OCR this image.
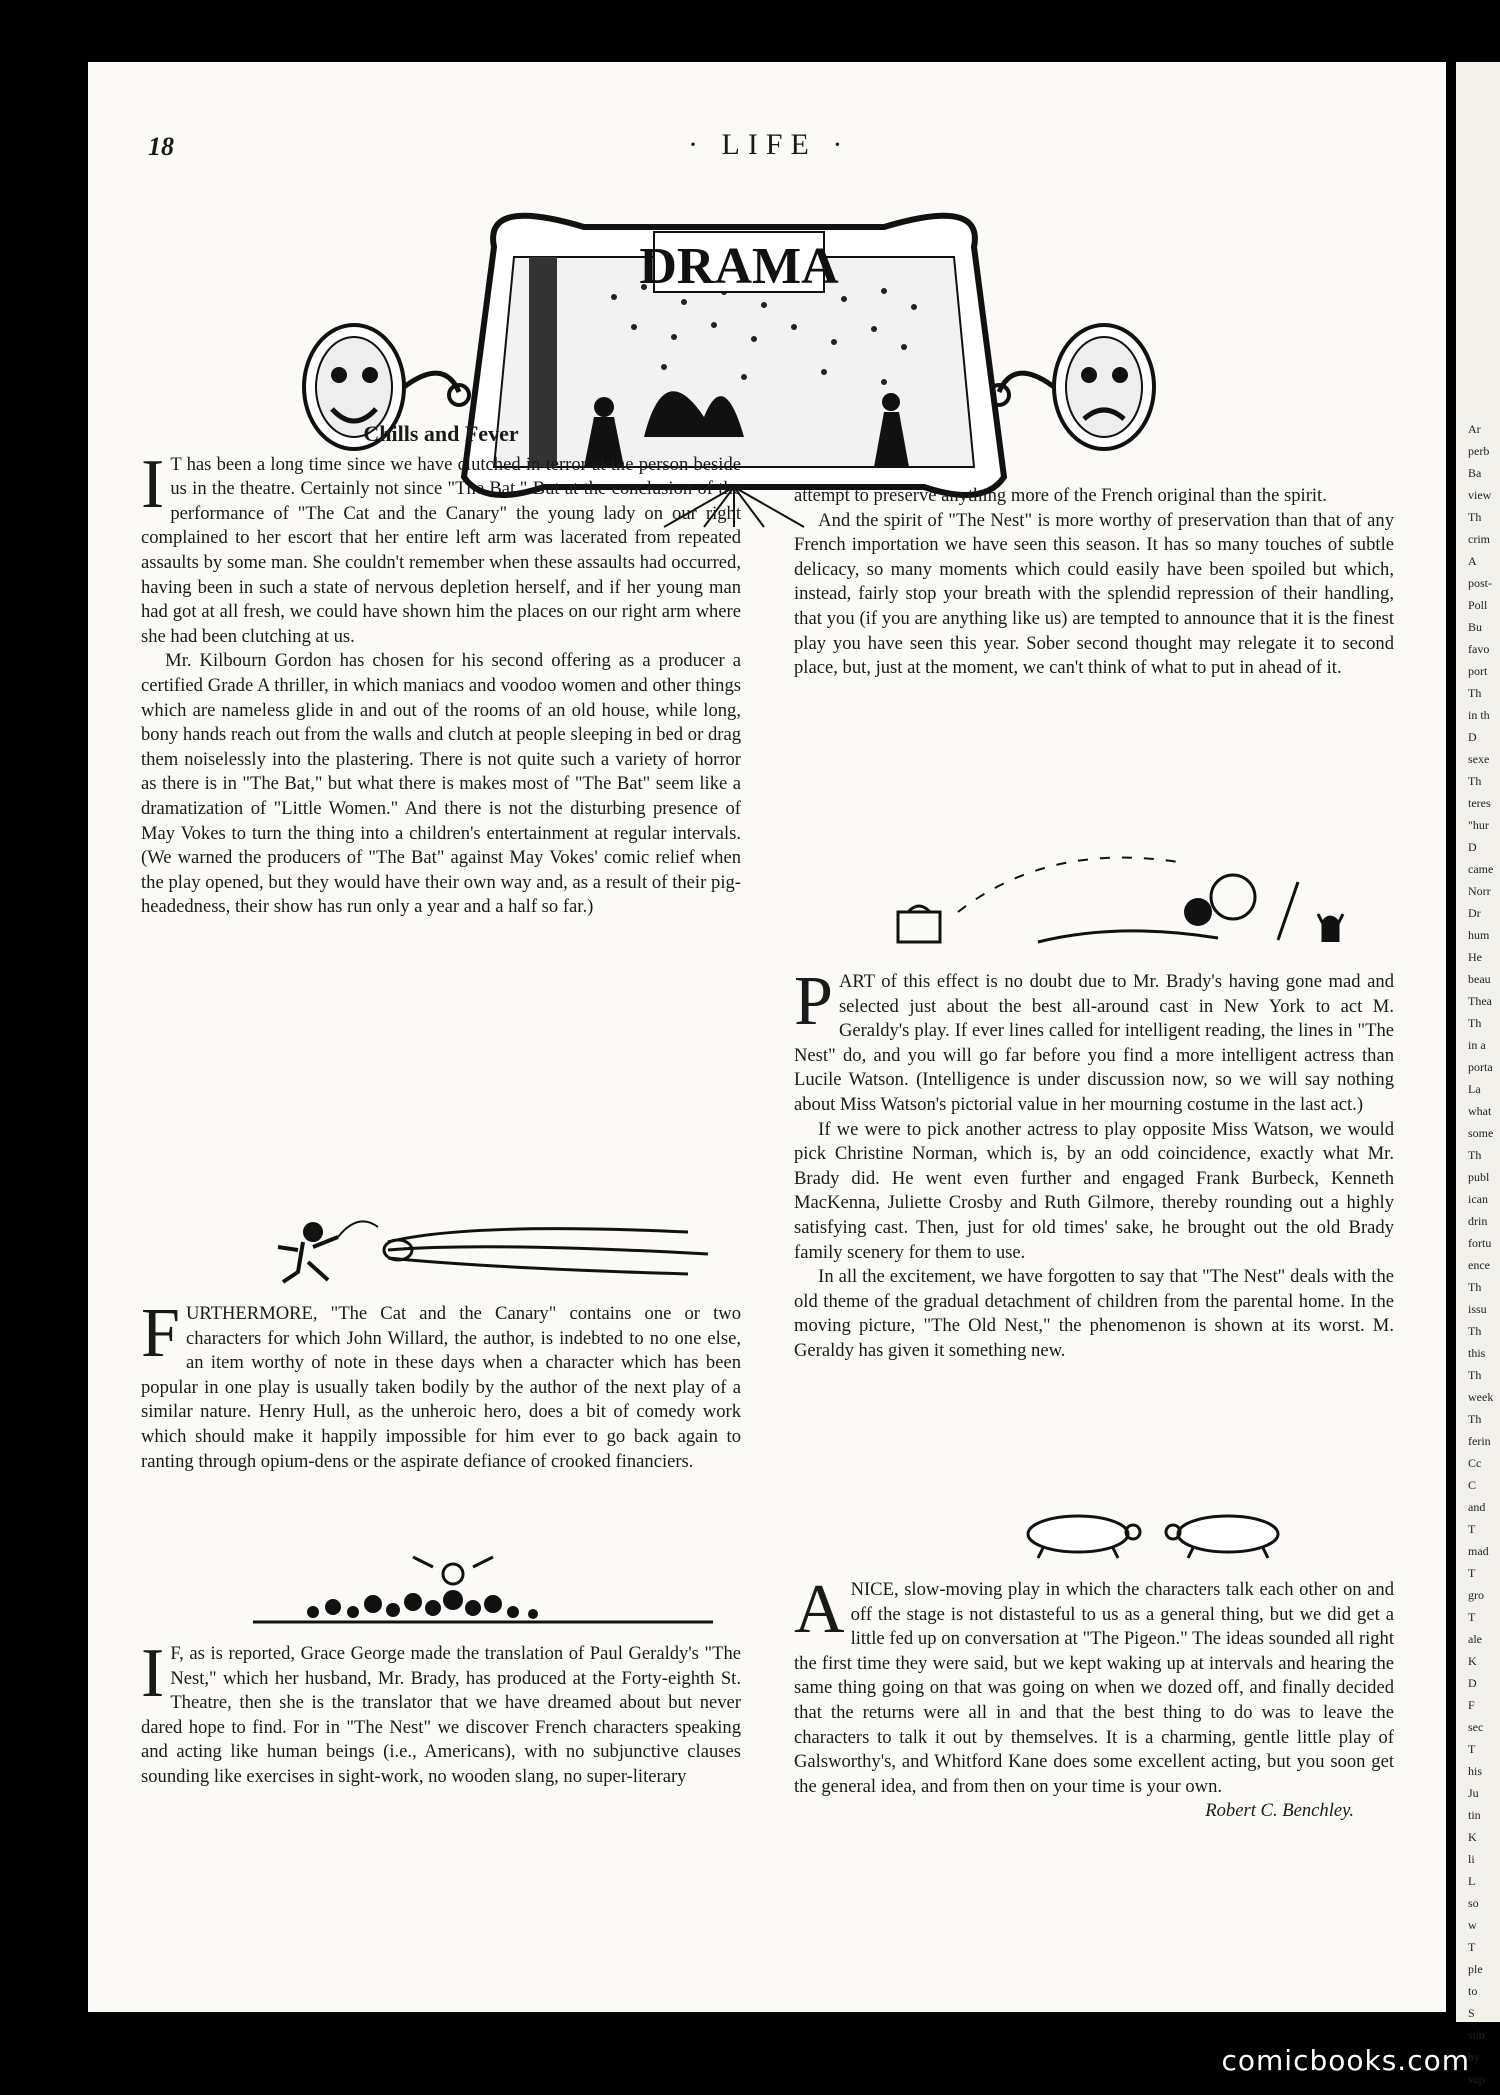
18	· LIFE ·
DRAMA
Chills and Fever

IT has been a long time since we have clutched in terror at the person beside us in the theatre. Certainly not since "The Bat." But at the conclusion of the performance of "The Cat and the Canary" the young lady on our right complained to her escort that her entire left arm was lacerated from repeated assaults by some man. She couldn't remember when these assaults had occurred, having been in such a state of nervous depletion herself, and if her young man had got at all fresh, we could have shown him the places on our right arm where she had been clutching at us.

Mr. Kilbourn Gordon has chosen for his second offering as a producer a certified Grade A thriller, in which maniacs and voodoo women and other things which are nameless glide in and out of the rooms of an old house, while long, bony hands reach out from the walls and clutch at people sleeping in bed or drag them noiselessly into the plastering. There is not quite such a variety of horror as there is in "The Bat," but what there is makes most of "The Bat" seem like a dramatization of "Little Women." And there is not the disturbing presence of May Vokes to turn the thing into a children's entertainment at regular intervals. (We warned the producers of "The Bat" against May Vokes' comic relief when the play opened, but they would have their own way and, as a result of their pig-headedness, their show has run only a year and a half so far.)

FURTHERMORE, "The Cat and the Canary" contains one or two characters for which John Willard, the author, is indebted to no one else, an item worthy of note in these days when a character which has been popular in one play is usually taken bodily by the author of the next play of a similar nature. Henry Hull, as the unheroic hero, does a bit of comedy work which should make it happily impossible for him ever to go back again to ranting through opium-dens or the aspirate defiance of crooked financiers.

IF, as is reported, Grace George made the translation of Paul Geraldy's "The Nest," which her husband, Mr. Brady, has produced at the Forty-eighth St. Theatre, then she is the translator that we have dreamed about but never dared hope to find. For in "The Nest" we discover French characters speaking and acting like human beings (i.e., Americans), with no subjunctive clauses sounding like exercises in sight-work, no wooden slang, no super-literary

attempt to preserve anything more of the French original than the spirit.

And the spirit of "The Nest" is more worthy of preservation than that of any French importation we have seen this season. It has so many touches of subtle delicacy, so many moments which could easily have been spoiled but which, instead, fairly stop your breath with the splendid repression of their handling, that you (if you are anything like us) are tempted to announce that it is the finest play you have seen this year. Sober second thought may relegate it to second place, but, just at the moment, we can't think of what to put in ahead of it.

PART of this effect is no doubt due to Mr. Brady's having gone mad and selected just about the best all-around cast in New York to act M. Geraldy's play. If ever lines called for intelligent reading, the lines in "The Nest" do, and you will go far before you find a more intelligent actress than Lucile Watson. (Intelligence is under discussion now, so we will say nothing about Miss Watson's pictorial value in her mourning costume in the last act.)

If we were to pick another actress to play opposite Miss Watson, we would pick Christine Norman, which is, by an odd coincidence, exactly what Mr. Brady did. He went even further and engaged Frank Burbeck, Kenneth MacKenna, Juliette Crosby and Ruth Gilmore, thereby rounding out a highly satisfying cast. Then, just for old times' sake, he brought out the old Brady family scenery for them to use.

In all the excitement, we have forgotten to say that "The Nest" deals with the old theme of the gradual detachment of children from the parental home. In the moving picture, "The Old Nest," the phenomenon is shown at its worst. M. Geraldy has given it something new.

ANICE, slow-moving play in which the characters talk each other on and off the stage is not distasteful to us as a general thing, but we did get a little fed up on conversation at "The Pigeon." The ideas sounded all right the first time they were said, but we kept waking up at intervals and hearing the same thing going on that was going on when we dozed off, and finally decided that the returns were all in and that the best thing to do was to leave the characters to talk it out by themselves. It is a charming, gentle little play of Galsworthy's, and Whitford Kane does some excellent acting, but you soon get the general idea, and from then on your time is your own.

Robert C. Benchley.
Ar
perb
Ba
view
Th
crim
A
post-
Poll
Bu
favo
port
Th
in th
D
sexe
Th
teres
"hur
D
came
Norr
Dr
hum
He
beau
Thea
Th
in a
porta
La
what
some
Th
publ
ican
drin
fortu
ence
Th
issu
Th
this
Th
week
Th
ferin
Cc
C
and
T
mad
T
gro
T
ale
K
D
F
sec
T
his
Ju
tin
K
li
L
so
w
T
ple
to
S
sub
by
sup
comicbooks.com
